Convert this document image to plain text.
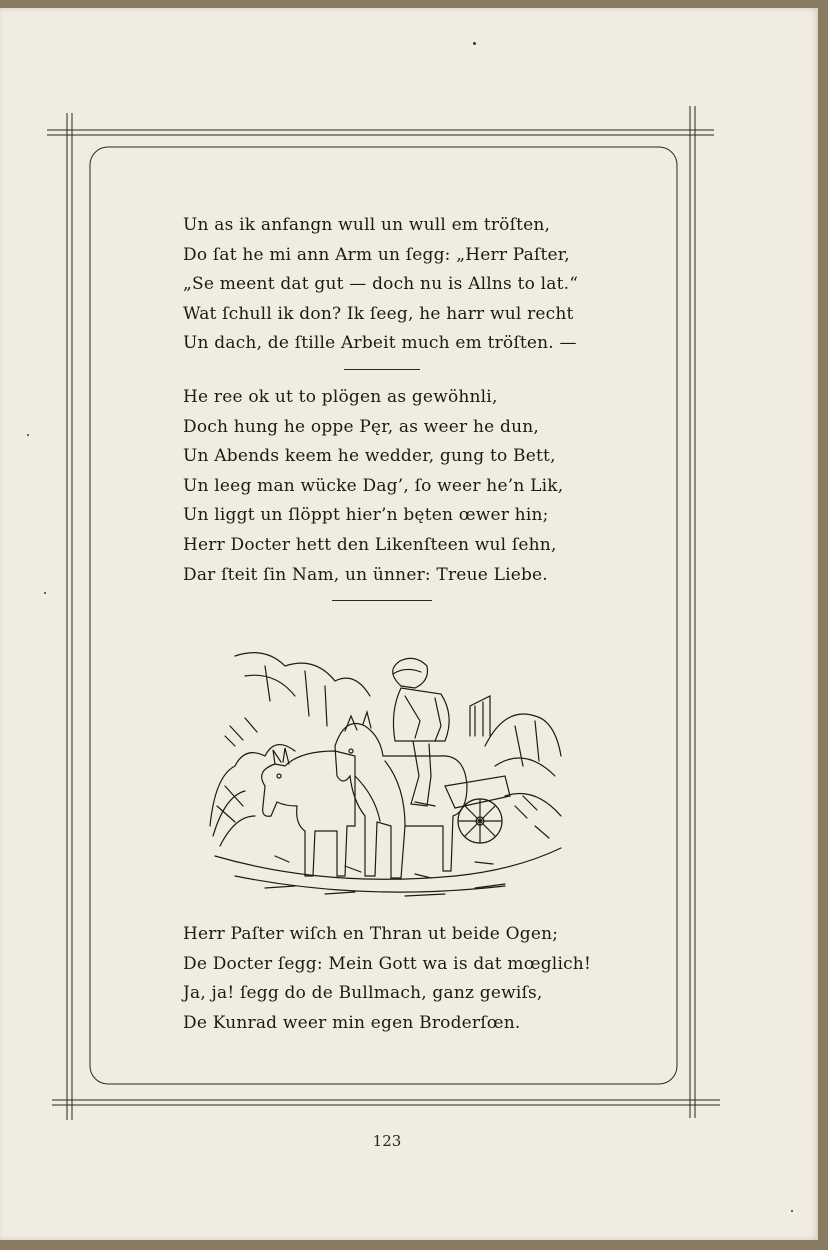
Un as ik anfangn wull un wull em tröſten,
Do ſat he mi ann Arm un ſegg: „Herr Paſter,
„Se meent dat gut — doch nu is Allns to lat.“
Wat ſchull ik don? Ik ſeeg, he harr wul recht
Un dach, de ſtille Arbeit much em tröſten. —
He ree ok ut to plögen as gewöhnli,
Doch hung he oppe Pęr, as weer he dun,
Un Abends keem he wedder, gung to Bett,
Un leeg man wücke Dag’, ſo weer he’n Lik,
Un liggt un ſlöppt hier’n bęten œwer hin;
Herr Docter hett den Likenſteen wul ſehn,
Dar ſteit ſin Nam, un ünner: Treue Liebe.
Herr Paſter wiſch en Thran ut beide Ogen;
De Docter ſegg: Mein Gott wa is dat mœglich!
Ja, ja! ſegg do de Bullmach, ganz gewiſs,
De Kunrad weer min egen Broderſœn.
123
